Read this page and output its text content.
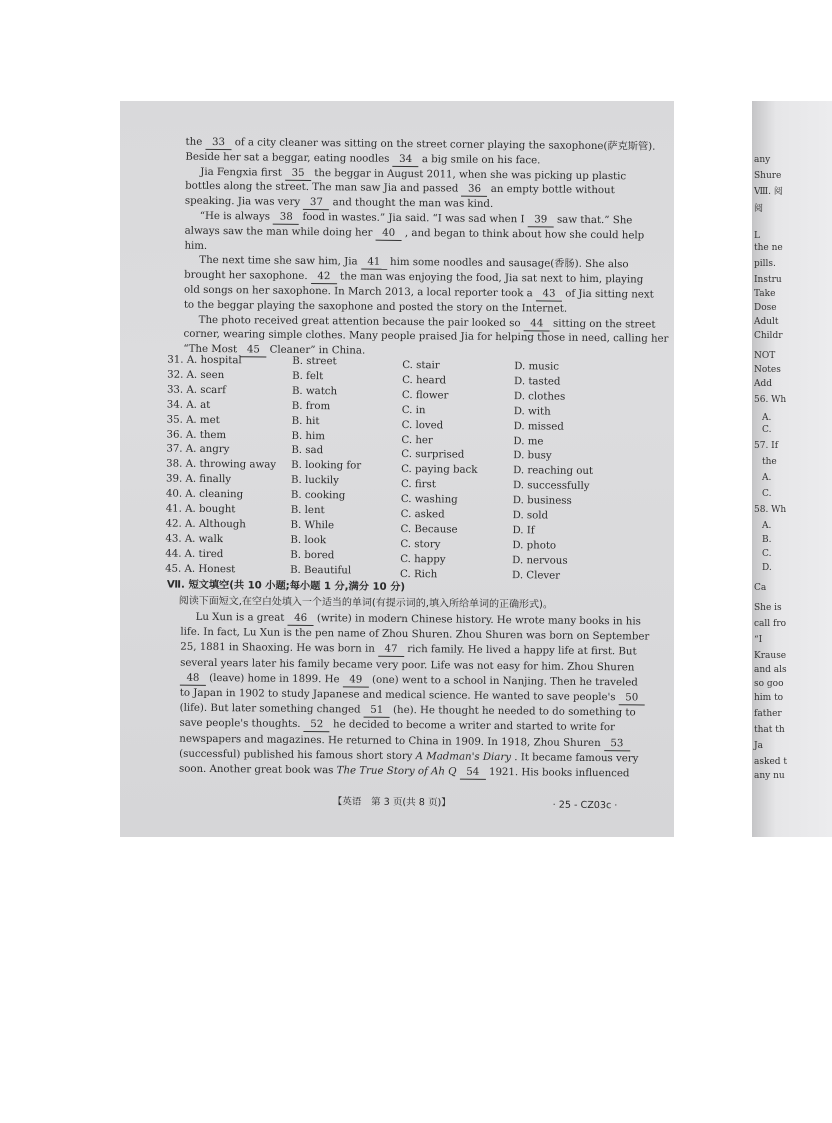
the 33 of a city cleaner was sitting on the street corner playing the saxophone(萨克斯管).
Beside her sat a beggar, eating noodles 34 a big smile on his face.
Jia Fengxia first 35 the beggar in August 2011, when she was picking up plastic
bottles along the street. The man saw Jia and passed 36 an empty bottle without
speaking. Jia was very 37 and thought the man was kind.
“He is always 38 food in wastes.” Jia said. “I was sad when I 39 saw that.” She
always saw the man while doing her 40 , and began to think about how she could help
him.
The next time she saw him, Jia 41 him some noodles and sausage(香肠). She also
brought her saxophone. 42 the man was enjoying the food, Jia sat next to him, playing
old songs on her saxophone. In March 2013, a local reporter took a 43 of Jia sitting next
to the beggar playing the saxophone and posted the story on the Internet.
The photo received great attention because the pair looked so 44 sitting on the street
corner, wearing simple clothes. Many people praised Jia for helping those in need, calling her
“The Most 45 Cleaner” in China.
31. A. hospital	B. street	C. stair	D. music
32. A. seen	B. felt	C. heard	D. tasted
33. A. scarf	B. watch	C. flower	D. clothes
34. A. at	B. from	C. in	D. with
35. A. met	B. hit	C. loved	D. missed
36. A. them	B. him	C. her	D. me
37. A. angry	B. sad	C. surprised	D. busy
38. A. throwing away B. looking for	C. paying back	D. reaching out
39. A. finally	B. luckily	C. first	D. successfully
40. A. cleaning	B. cooking	C. washing	D. business
41. A. bought	B. lent	C. asked	D. sold
42. A. Although	B. While	C. Because	D. If
43. A. walk	B. look	C. story	D. photo
44. A. tired	B. bored	C. happy	D. nervous
45. A. Honest	B. Beautiful	C. Rich	D. Clever
Ⅶ. 短文填空(共 10 小题;每小题 1 分,满分 10 分)
阅读下面短文,在空白处填入一个适当的单词(有提示词的,填入所给单词的正确形式)。
Lu Xun is a great 46 (write) in modern Chinese history. He wrote many books in his
life. In fact, Lu Xun is the pen name of Zhou Shuren. Zhou Shuren was born on September
25, 1881 in Shaoxing. He was born in 47 rich family. He lived a happy life at first. But
several years later his family became very poor. Life was not easy for him. Zhou Shuren
48 (leave) home in 1899. He 49 (one) went to a school in Nanjing. Then he traveled
to Japan in 1902 to study Japanese and medical science. He wanted to save people's 50
(life). But later something changed 51 (he). He thought he needed to do something to
save people's thoughts. 52 he decided to become a writer and started to write for
newspapers and magazines. He returned to China in 1909. In 1918, Zhou Shuren 53
(successful) published his famous short story A Madman's Diary . It became famous very
soon. Another great book was The True Story of Ah Q 54 1921. His books influenced
【英语　第 3 页(共 8 页)】	· 25 - CZ03c ·
any
Shure
Ⅷ. 阅
阅
L
the ne
pills.
Instru
Take
Dose
Adult
Childr
NOT
Notes
Add
56. Wh
A.
C.
57. If
the
A.
C.
58. Wh
A.
B.
C.
D.
Ca
She is
call fro
“I
Krause
and als
so goo
him to
father
that th
Ja
asked t
any nu
